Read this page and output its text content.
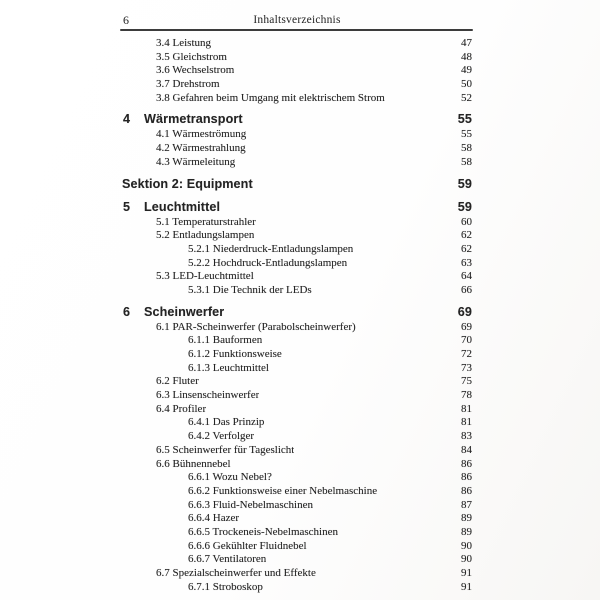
6	Inhaltsverzeichnis
3.4 Leistung	47
3.5 Gleichstrom	48
3.6 Wechselstrom	49
3.7 Drehstrom	50
3.8 Gefahren beim Umgang mit elektrischem Strom	52
4 Wärmetransport	55
4.1 Wärmeströmung	55
4.2 Wärmestrahlung	58
4.3 Wärmeleitung	58
Sektion 2: Equipment	59
5 Leuchtmittel	59
5.1 Temperaturstrahler	60
5.2 Entladungslampen	62
5.2.1 Niederdruck-Entladungslampen	62
5.2.2 Hochdruck-Entladungslampen	63
5.3 LED-Leuchtmittel	64
5.3.1 Die Technik der LEDs	66
6 Scheinwerfer	69
6.1 PAR-Scheinwerfer (Parabolscheinwerfer)	69
6.1.1 Bauformen	70
6.1.2 Funktionsweise	72
6.1.3 Leuchtmittel	73
6.2 Fluter	75
6.3 Linsenscheinwerfer	78
6.4 Profiler	81
6.4.1 Das Prinzip	81
6.4.2 Verfolger	83
6.5 Scheinwerfer für Tageslicht	84
6.6 Bühnennebel	86
6.6.1 Wozu Nebel?	86
6.6.2 Funktionsweise einer Nebelmaschine	86
6.6.3 Fluid-Nebelmaschinen	87
6.6.4 Hazer	89
6.6.5 Trockeneis-Nebelmaschinen	89
6.6.6 Gekühlter Fluidnebel	90
6.6.7 Ventilatoren	90
6.7 Spezialscheinwerfer und Effekte	91
6.7.1 Stroboskop	91
